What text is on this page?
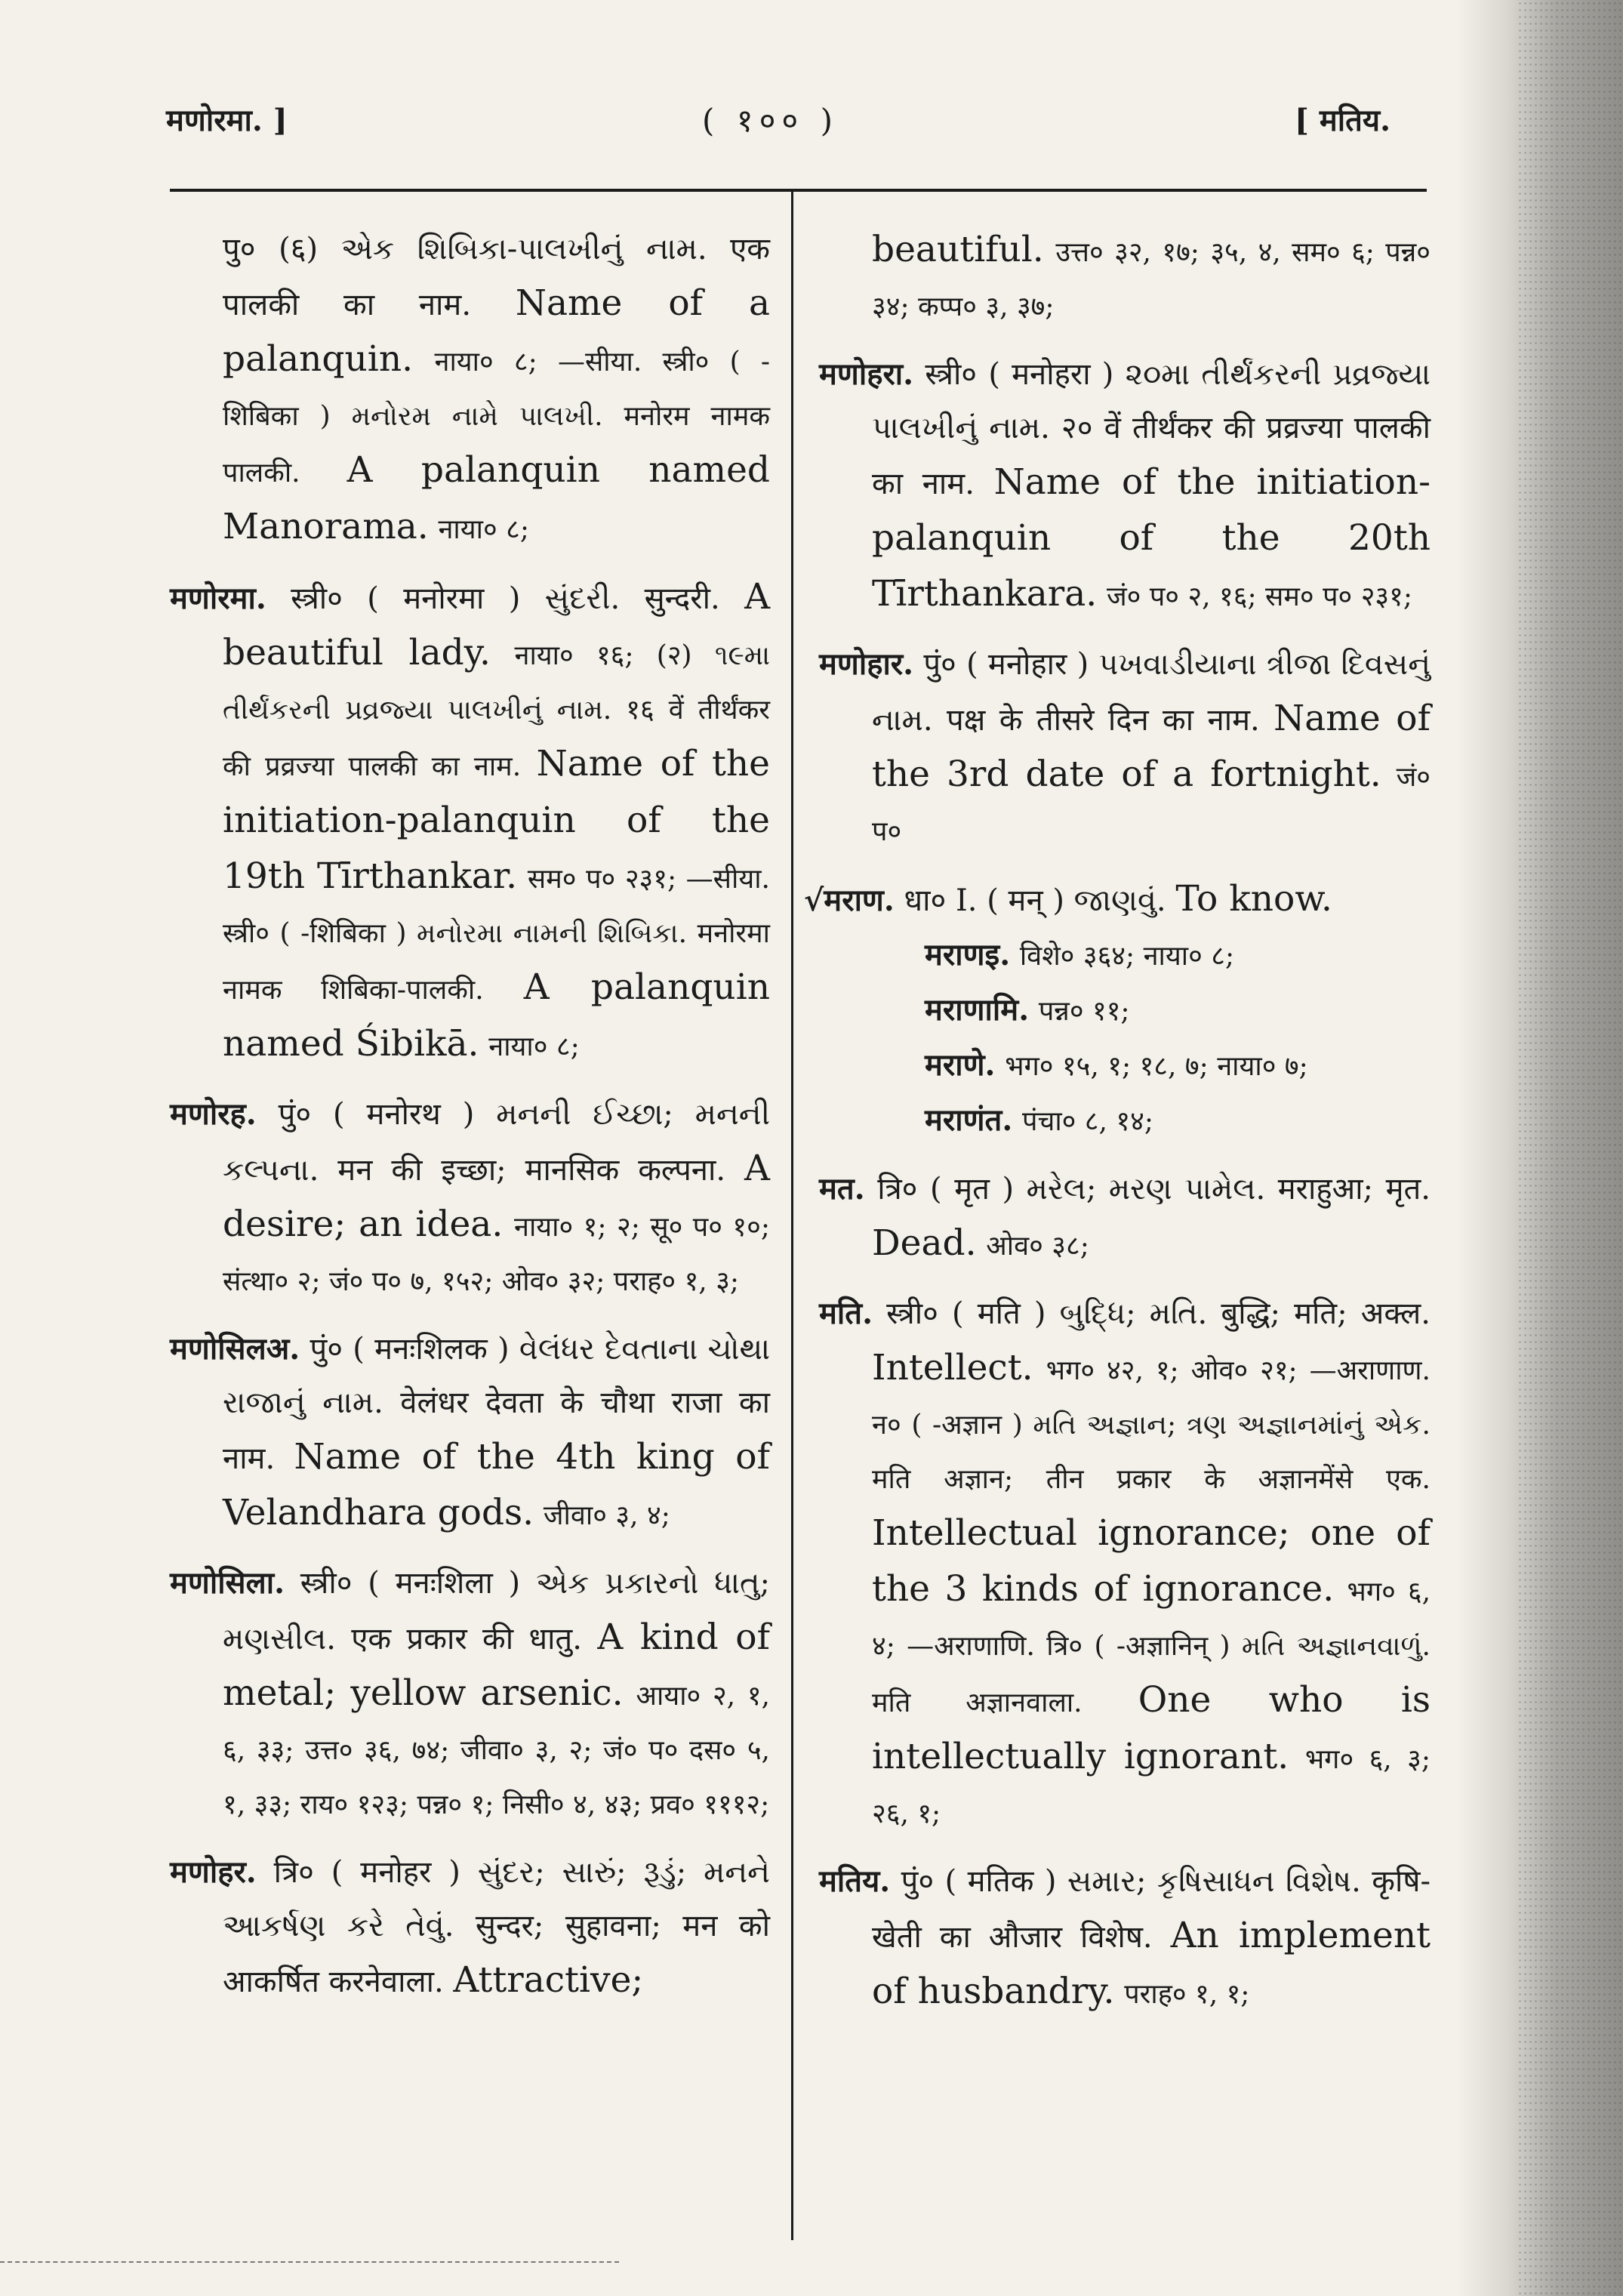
मणोरमा. ]	( १०० )	[ मतिय.

पु० (६) એક શિબિકા-પાલખીનું નામ. एक पालकी का नाम. Name of a palanquin. नाया० ८; —सीया. स्त्री० ( -शिबिका ) મનોરમ નામે પાલખી. मनोरम नामक पालकी. A palanquin named Manorama. नाया० ८;

मणोरमा. स्त्री० ( मनोरमा ) સુંદરી. सुन्दरी. A beautiful lady. नाया० १६; (२) ૧૯મા તીર્થંકરની પ્રવ્રજ્યા પાલખીનું નામ. १६ वें तीर्थंकर की प्रव्रज्या पालकी का नाम. Name of the initiation-palanquin of the 19th Tīrthankar. सम० प० २३१; —सीया. स्त्री० ( -शिबिका ) મનોરમા નામની શિબિકા. मनोरमा नामक शिबिका-पालकी. A palanquin named Śibikā. नाया० ८;

मणोरह. पुं० ( मनोरथ ) મનની ઈચ્છા; મનની કલ્પના. मन की इच्छा; मानसिक कल्पना. A desire; an idea. नाया० १; २; सू० प० १०; संत्था० २; जं० प० ७, १५२; ओव० ३२; पराह० १, ३;

मणोसिलअ. पुं० ( मनःशिलक ) વેલંધર દેવતાના ચોથા રાજાનું નામ. वेलंधर देवता के चौथा राजा का नाम. Name of the 4th king of Velandhara gods. जीवा० ३, ४;

मणोसिला. स्त्री० ( मनःशिला ) એક પ્રકારનો ધાતુ; મણસીલ. एक प्रकार की धातु. A kind of metal; yellow arsenic. आया० २, १, ६, ३३; उत्त० ३६, ७४; जीवा० ३, २; जं० प० दस० ५, १, ३३; राय० १२३; पन्न० १; निसी० ४, ४३; प्रव० १११२;

मणोहर. त्रि० ( मनोहर ) સુંદર; સારું; રૂડું; મનને આકર્ષણ કરે તેવું. सुन्दर; सुहावना; मन को आकर्षित करनेवाला. Attractive;

beautiful. उत्त० ३२, १७; ३५, ४, सम० ६; पन्न० ३४; कप्प० ३, ३७;

मणोहरा. स्त्री० ( मनोहरा ) ૨૦મા તીર્થંકરની પ્રવ્રજ્યા પાલખીનું નામ. २० वें तीर्थंकर की प्रव्रज्या पालकी का नाम. Name of the initiation-palanquin of the 20th Tīrthankara. जं० प० २, १६; सम० प० २३१;

मणोहार. पुं० ( मनोहार ) પખવાડીયાના ત્રીજા દિવસનું નામ. पक्ष के तीसरे दिन का नाम. Name of the 3rd date of a fortnight. जं० प०

√मराण. धा० I. ( मन् ) જાણવું. To know.
मराणइ. विशे० ३६४; नाया० ८;
मराणामि. पन्न० ११;
मराणे. भग० १५, १; १८, ७; नाया० ७;
मराणंत. पंचा० ८, १४;

मत. त्रि० ( मृत ) મરેલ; મરણ પામેલ. मराहुआ; मृत. Dead. ओव० ३८;

मति. स्त्री० ( मति ) બુદ્ધિ; મતિ. बुद्धि; मति; अक्ल. Intellect. भग० ४२, १; ओव० २१; —अराणाण. न० ( -अज्ञान ) મતિ અજ્ઞાન; ત્રણ અજ્ઞાનમાંનું એક. मति अज्ञान; तीन प्रकार के अज्ञानमेंसे एक. Intellectual ignorance; one of the 3 kinds of ignorance. भग० ६, ४; —अराणाणि. त्रि० ( -अज्ञानिन् ) મતિ અજ્ઞાનવાળું. मति अज्ञानवाला. One who is intellectually ignorant. भग० ६, ३; २६, १;

मतिय. पुं० ( मतिक ) સમાર; કૃષિસાધન વિશેષ. कृषि-खेती का औजार विशेष. An implement of husbandry. पराह० १, १;
